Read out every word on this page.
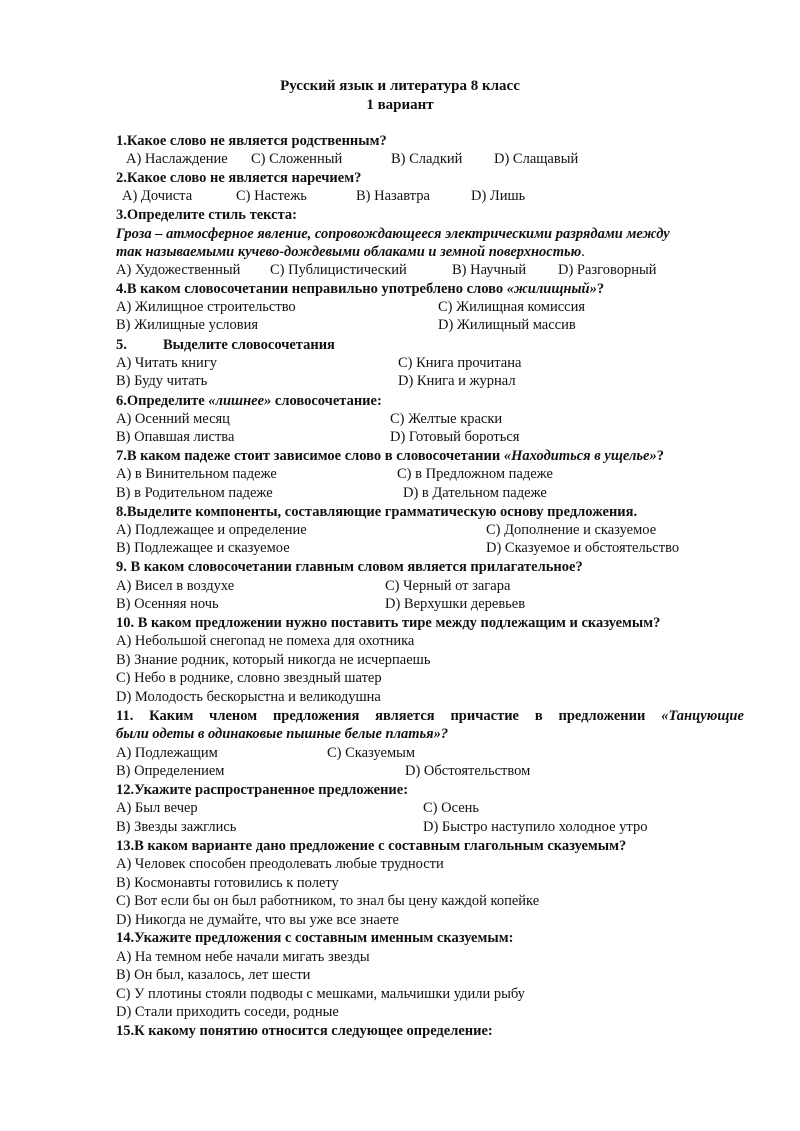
Русский язык и литература 8 класс
1 вариант
1.Какое слово не является родственным?
А) Наслаждение С) Сложенный	В) Сладкий D) Слащавый
2.Какое слово не является наречием?
А) Дочиста	С) Настежь	В) Назавтра	D) Лишь
3.Определите стиль текста:
Гроза – атмосферное явление, сопровождающееся электрическими разрядами между
так называемыми кучево-дождевыми облаками и земной поверхностью.
А) Художественный С) Публицистический	В) Научный D) Разговорный
4.В каком словосочетании неправильно употреблено слово «жилищный»?
А) Жилищное строительство	С) Жилищная комиссия
В) Жилищные условия	D) Жилищный массив
5. Выделите словосочетания
А) Читать книгу	С) Книга прочитана
В) Буду читать	D) Книга и журнал
6.Определите «лишнее» словосочетание:
А) Осенний месяц	С) Желтые краски
В) Опавшая листва	D) Готовый бороться
7.В каком падеже стоит зависимое слово в словосочетании «Находиться в ущелье»?
А) в Винительном падеже	С) в Предложном падеже
В) в Родительном падеже	D) в Дательном падеже
8.Выделите компоненты, составляющие грамматическую основу предложения.
А) Подлежащее и определение	С) Дополнение и сказуемое
В) Подлежащее и сказуемое	D) Сказуемое и обстоятельство
9. В каком словосочетании главным словом является прилагательное?
А) Висел в воздухе	С) Черный от загара
В) Осенняя ночь	D) Верхушки деревьев
10. В каком предложении нужно поставить тире между подлежащим и сказуемым?
А) Небольшой снегопад не помеха для охотника
В) Знание родник, который никогда не исчерпаешь
С) Небо в роднике, словно звездный шатер
D) Молодость бескорыстна и великодушна
11. Каким членом предложения является причастие в предложении «Танцующие
были одеты в одинаковые пышные белые платья»?
А) Подлежащим	С) Сказуемым
В) Определением	D) Обстоятельством
12.Укажите распространенное предложение:
А) Был вечер	С) Осень
В) Звезды зажглись	D) Быстро наступило холодное утро
13.В каком варианте дано предложение с составным глагольным сказуемым?
А) Человек способен преодолевать любые трудности
В) Космонавты готовились к полету
С) Вот если бы он был работником, то знал бы цену каждой копейке
D) Никогда не думайте, что вы уже все знаете
14.Укажите предложения с составным именным сказуемым:
А) На темном небе начали мигать звезды
В) Он был, казалось, лет шести
С) У плотины стояли подводы с мешками, мальчишки удили рыбу
D) Стали приходить соседи, родные
15.К какому понятию относится следующее определение:
